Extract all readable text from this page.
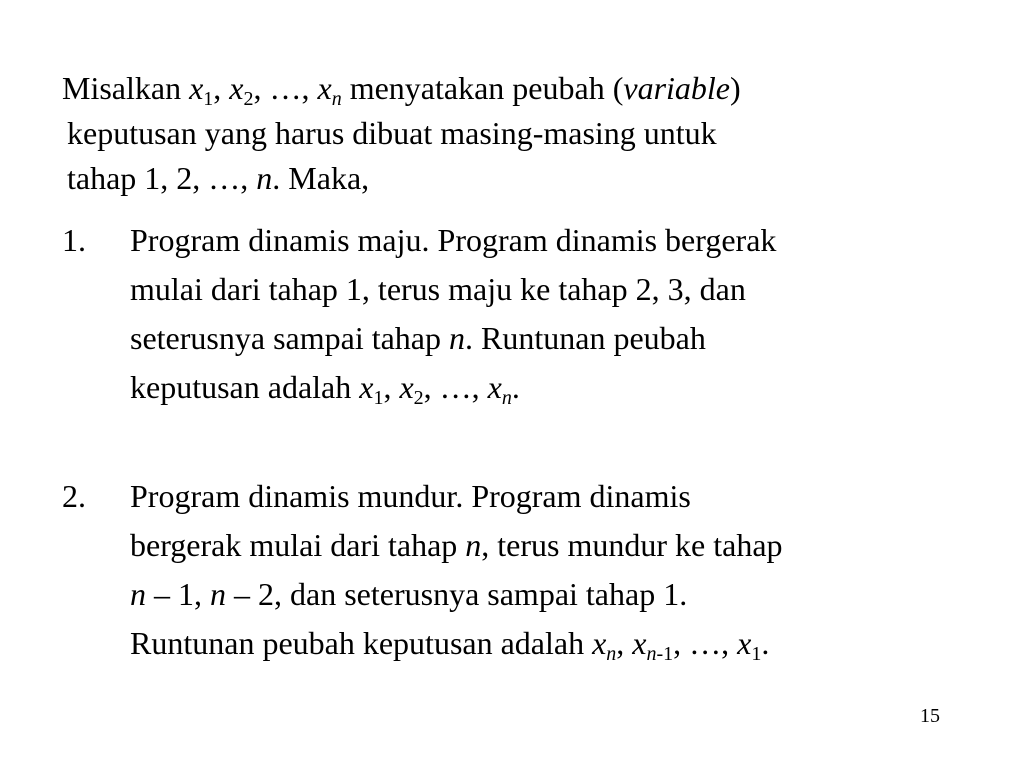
Misalkan $x_1$, $x_2$, …, $x_n$ menyatakan peubah (variable)
keputusan yang harus dibuat masing-masing untuk
tahap 1, 2, …, n. Maka,
1. Program dinamis maju. Program dinamis bergerak
mulai dari tahap 1, terus maju ke tahap 2, 3, dan
seterusnya sampai tahap n. Runtunan peubah
keputusan adalah $x_1$, $x_2$, …, $x_n$.
2. Program dinamis mundur. Program dinamis
bergerak mulai dari tahap n, terus mundur ke tahap
n – 1, n – 2, dan seterusnya sampai tahap 1.
Runtunan peubah keputusan adalah $x_n$, $x_{n-1}$, …, $x_1$.
15
